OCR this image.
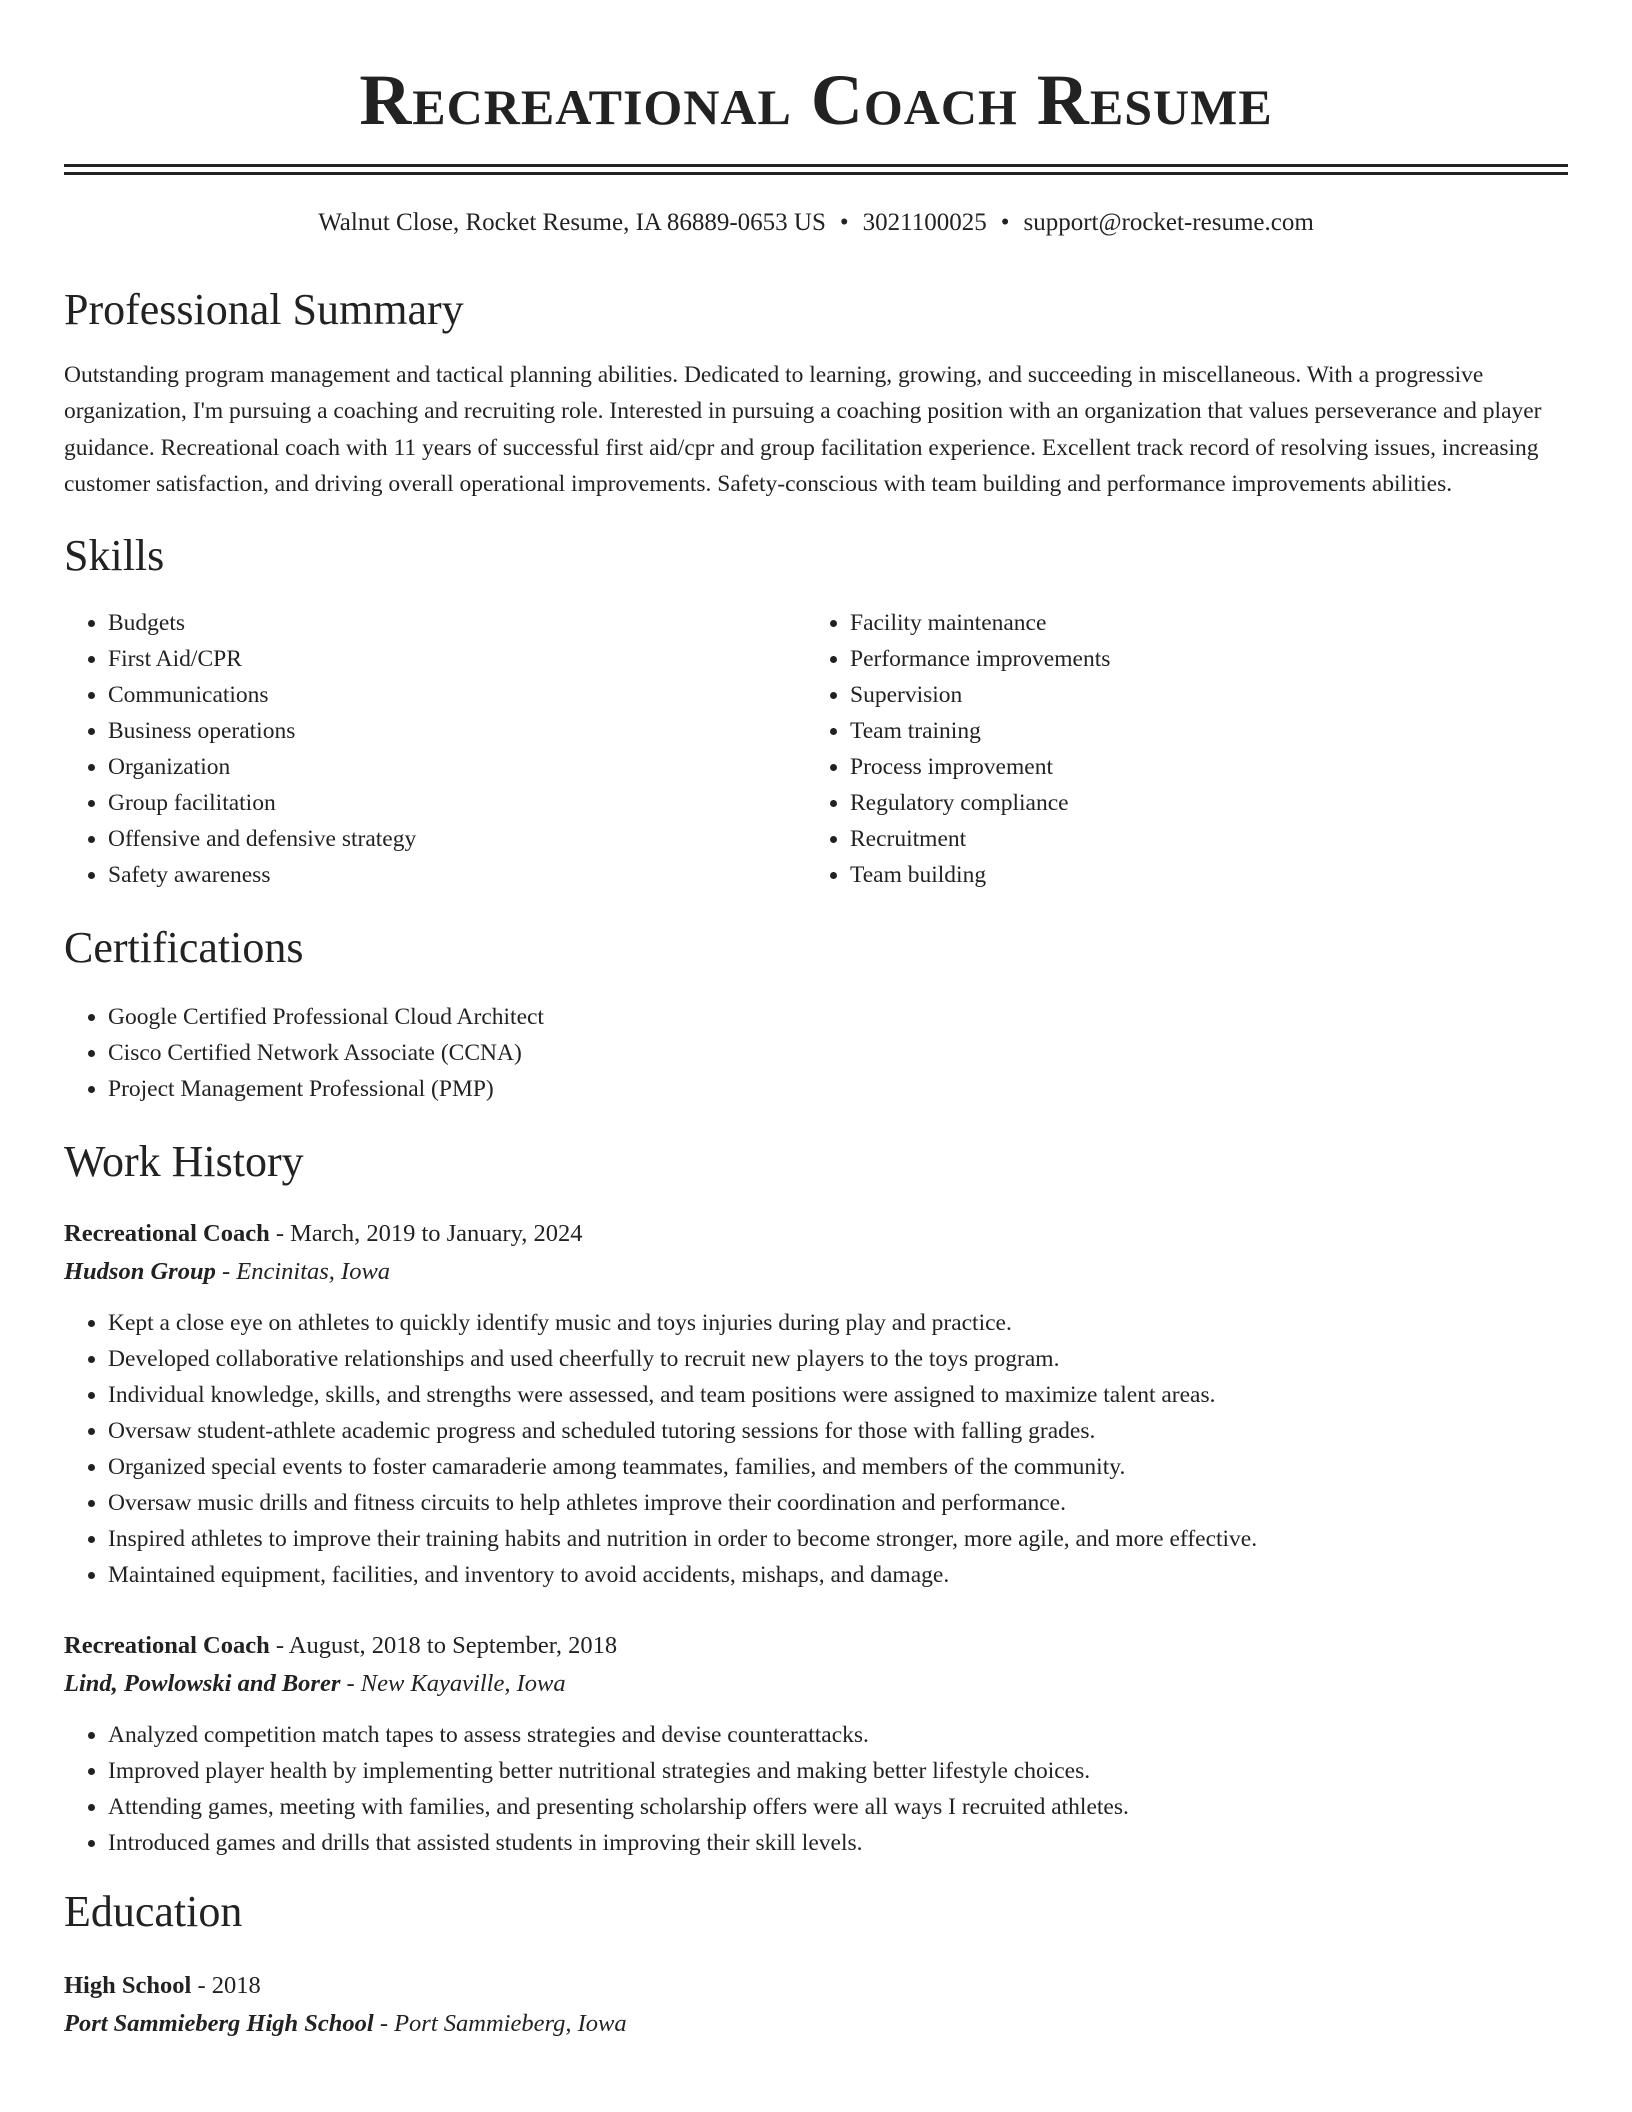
Recreational Coach Resume
Walnut Close, Rocket Resume, IA 86889-0653 US • 3021100025 • support@rocket-resume.com
Professional Summary

Outstanding program management and tactical planning abilities. Dedicated to learning, growing, and succeeding in miscellaneous. With a progressive organization, I'm pursuing a coaching and recruiting role. Interested in pursuing a coaching position with an organization that values perseverance and player guidance. Recreational coach with 11 years of successful first aid/cpr and group facilitation experience. Excellent track record of resolving issues, increasing customer satisfaction, and driving overall operational improvements. Safety-conscious with team building and performance improvements abilities.

Skills
• Budgets
• First Aid/CPR
• Communications
• Business operations
• Organization
• Group facilitation
• Offensive and defensive strategy
• Safety awareness
• Facility maintenance
• Performance improvements
• Supervision
• Team training
• Process improvement
• Regulatory compliance
• Recruitment
• Team building
Certifications
• Google Certified Professional Cloud Architect
• Cisco Certified Network Associate (CCNA)
• Project Management Professional (PMP)
Work History
Recreational Coach - March, 2019 to January, 2024
Hudson Group - Encinitas, Iowa
• Kept a close eye on athletes to quickly identify music and toys injuries during play and practice.
• Developed collaborative relationships and used cheerfully to recruit new players to the toys program.
• Individual knowledge, skills, and strengths were assessed, and team positions were assigned to maximize talent areas.
• Oversaw student-athlete academic progress and scheduled tutoring sessions for those with falling grades.
• Organized special events to foster camaraderie among teammates, families, and members of the community.
• Oversaw music drills and fitness circuits to help athletes improve their coordination and performance.
• Inspired athletes to improve their training habits and nutrition in order to become stronger, more agile, and more effective.
• Maintained equipment, facilities, and inventory to avoid accidents, mishaps, and damage.
Recreational Coach - August, 2018 to September, 2018
Lind, Powlowski and Borer - New Kayaville, Iowa
• Analyzed competition match tapes to assess strategies and devise counterattacks.
• Improved player health by implementing better nutritional strategies and making better lifestyle choices.
• Attending games, meeting with families, and presenting scholarship offers were all ways I recruited athletes.
• Introduced games and drills that assisted students in improving their skill levels.
Education
High School - 2018
Port Sammieberg High School - Port Sammieberg, Iowa
